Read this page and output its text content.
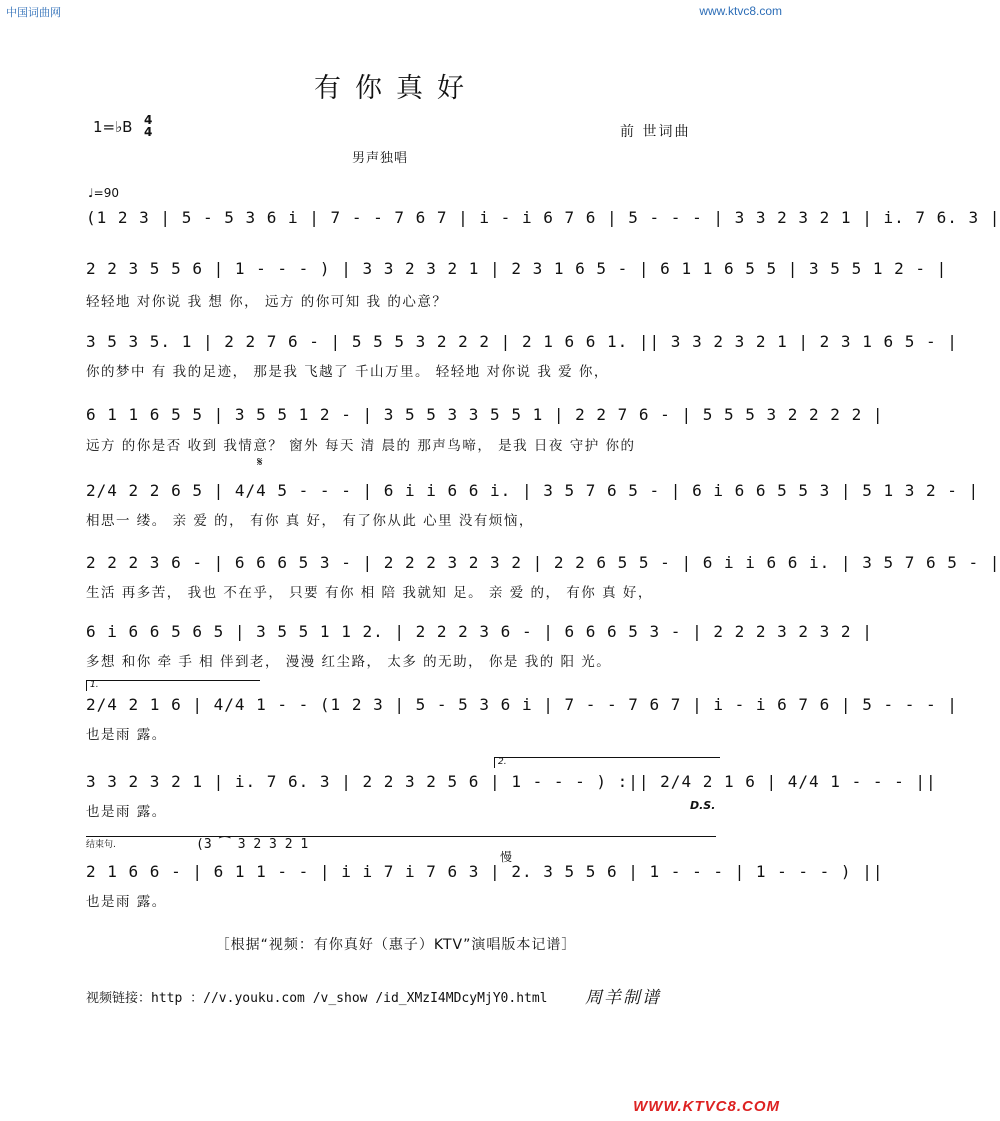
中国词曲网	www.ktvc8.com
有你真好
1=♭B 4
4	前 世词曲
男声独唱
♩=90
(1 2 3 | 5 - 5 3 6 i | 7 - - 7 6 7 | i - i 6 7 6 | 5 - - - | 3 3 2 3 2 1 | i. 7 6. 3 |
2 2 3 5 5 6 | 1 - - - ) | 3 3 2 3 2 1 | 2 3 1 6 5 - | 6 1 1 6 5 5 | 3 5 5 1 2 - |
轻轻地 对你说 我 想 你， 远方 的你可知 我 的心意？
3 5 3 5. 1 | 2 2 7 6 - | 5 5 5 3 2 2 2 | 2 1 6 6 1. || 3 3 2 3 2 1 | 2 3 1 6 5 - |
你的梦中 有 我的足迹， 那是我 飞越了 千山万里。 轻轻地 对你说 我 爱 你，
6 1 1 6 5 5 | 3 5 5 1 2 - | 3 5 5 3 3 5 5 1 | 2 2 7 6 - | 5 5 5 3 2 2 2 2 |
远方 的你是否 收到 我情意？ 窗外 每天 清 晨的 那声鸟啼， 是我 日夜 守护 你的
𝄋
2/4 2 2 6 5 | 4/4 5 - - - | 6 i i 6 6 i. | 3 5 7 6 5 - | 6 i 6 6 5 5 3 | 5 1 3 2 - |
相思一 缕。 亲 爱 的， 有你 真 好， 有了你从此 心里 没有烦恼，
2 2 2 3 6 - | 6 6 6 5 3 - | 2 2 2 3 2 3 2 | 2 2 6 5 5 - | 6 i i 6 6 i. | 3 5 7 6 5 - |
生活 再多苦， 我也 不在乎， 只要 有你 相 陪 我就知 足。 亲 爱 的， 有你 真 好，
6 i 6 6 5 6 5 | 3 5 5 1 1 2. | 2 2 2 3 6 - | 6 6 6 5 3 - | 2 2 2 3 2 3 2 |
多想 和你 牵 手 相 伴到老， 漫漫 红尘路， 太多 的无助， 你是 我的 阳 光。
1.
2/4 2 1 6 | 4/4 1 - - (1 2 3 | 5 - 5 3 6 i | 7 - - 7 6 7 | i - i 6 7 6 | 5 - - - |
也是雨 露。
2.
3 3 2 3 2 1 | i. 7 6. 3 | 2 2 3 2 5 6 | 1 - - - ) :|| 2/4 2 1 6 | 4/4 1 - - - ||
也是雨 露。	D.S.
结束句.	(3 ⁀ 3 2 3 2 1
慢
2 1 6 6 - | 6 1 1 - - | i i 7 i 7 6 3 | 2. 3 5 5 6 | 1 - - - | 1 - - - ) ||
也是雨 露。
［根据“视频：有你真好（惠子）KTV”演唱版本记谱］
视频链接：http ：//v.youku.com /v_show /id_XMzI4MDcyMjY0.html 周羊制谱
WWW.KTVC8.COM
